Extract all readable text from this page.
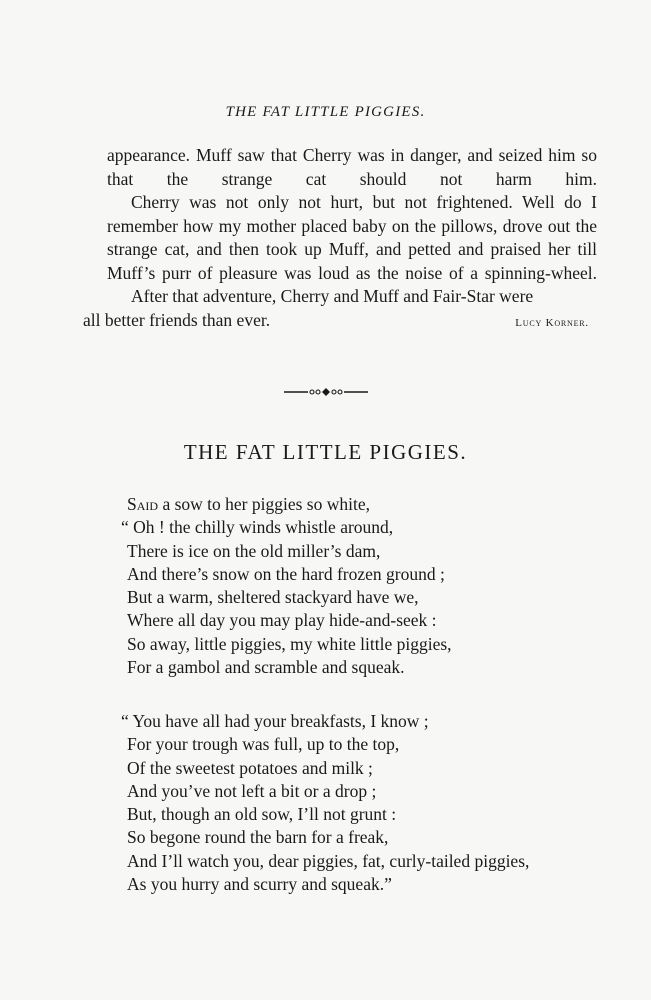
THE FAT LITTLE PIGGIES.

appearance. Muff saw that Cherry was in danger, and seized him so that the strange cat should not harm him.

Cherry was not only not hurt, but not frightened. Well do I remember how my mother placed baby on the pillows, drove out the strange cat, and then took up Muff, and petted and praised her till Muff’s purr of pleasure was loud as the noise of a spinning-wheel.

After that adventure, Cherry and Muff and Fair-Star were

all better friends than ever.	Lucy Korner.

THE FAT LITTLE PIGGIES.
Said a sow to her piggies so white,
“ Oh ! the chilly winds whistle around,
There is ice on the old miller’s dam,
And there’s snow on the hard frozen ground ;
But a warm, sheltered stackyard have we,
Where all day you may play hide-and-seek :
So away, little piggies, my white little piggies,
For a gambol and scramble and squeak.
“ You have all had your breakfasts, I know ;
For your trough was full, up to the top,
Of the sweetest potatoes and milk ;
And you’ve not left a bit or a drop ;
But, though an old sow, I’ll not grunt :
So begone round the barn for a freak,
And I’ll watch you, dear piggies, fat, curly-tailed piggies,
As you hurry and scurry and squeak.”
